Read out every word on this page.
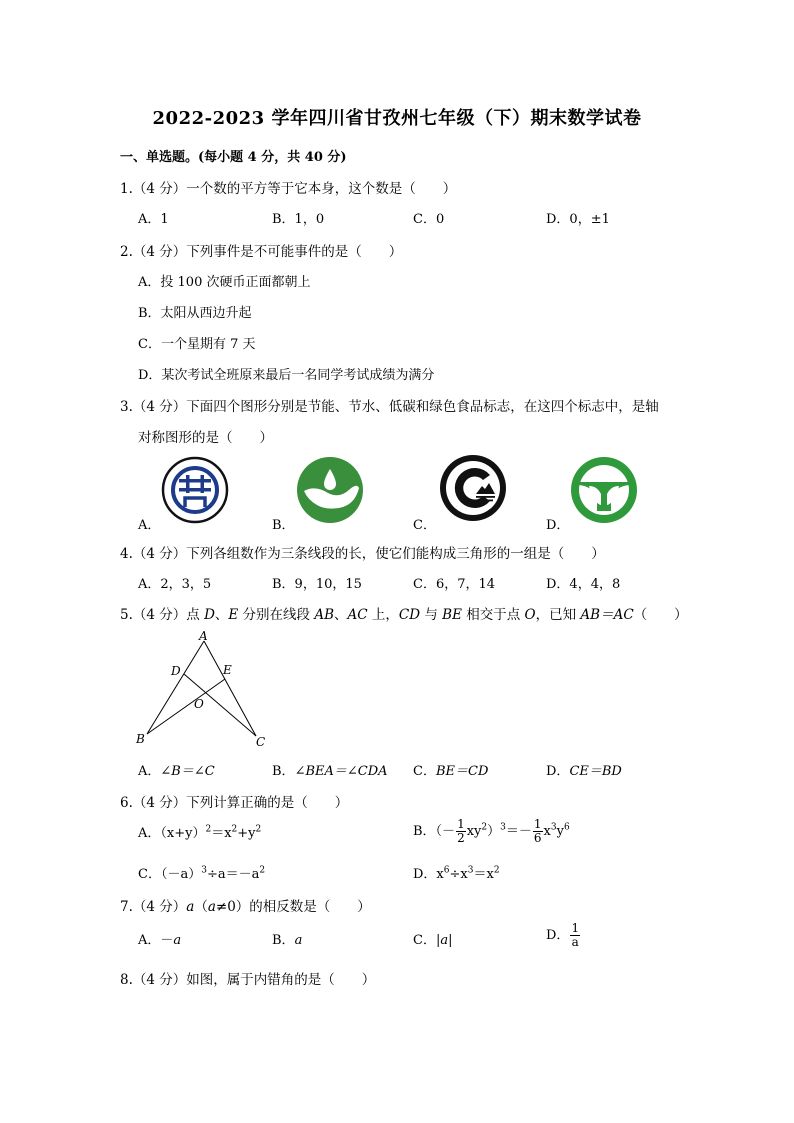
2022-2023 学年四川省甘孜州七年级（下）期末数学试卷
一、单选题。(每小题 4 分，共 40 分)
1.（4 分）一个数的平方等于它本身，这个数是（　　）
A．1	B．1，0	C．0	D．0，±1
2.（4 分）下列事件是不可能事件的是（　　）
A．投 100 次硬币正面都朝上
B．太阳从西边升起
C．一个星期有 7 天
D．某次考试全班原来最后一名同学考试成绩为满分
3.（4 分）下面四个图形分别是节能、节水、低碳和绿色食品标志，在这四个标志中，是轴
对称图形的是（　　）
A．	B．	C．	D．
4.（4 分）下列各组数作为三条线段的长，使它们能构成三角形的一组是（　　）
A．2，3，5	B．9，10，15	C．6，7，14	D．4，4，8
5.（4 分）点 D、E 分别在线段 AB、AC 上，CD 与 BE 相交于点 O，已知 AB＝AC（　　）
A
D	E
O
B	C
A．∠B＝∠C	B．∠BEA＝∠CDA C．BE＝CD	D．CE＝BD
6.（4 分）下列计算正确的是（　　）
A．$(x+y)^2=x^2+y^2$	B．（－ $\frac{1}{2} xy^2)^3=- \frac{1}{6} x^3y^6$
C．$(-a)^3\div a=-a^2$	D．$x^6\div x^3=x^2$
7.（4 分）a（a≠0）的相反数是（　　）
A．－a	B．a	C．|a|	D． $\frac{1}{a}$
8.（4 分）如图，属于内错角的是（　　）
